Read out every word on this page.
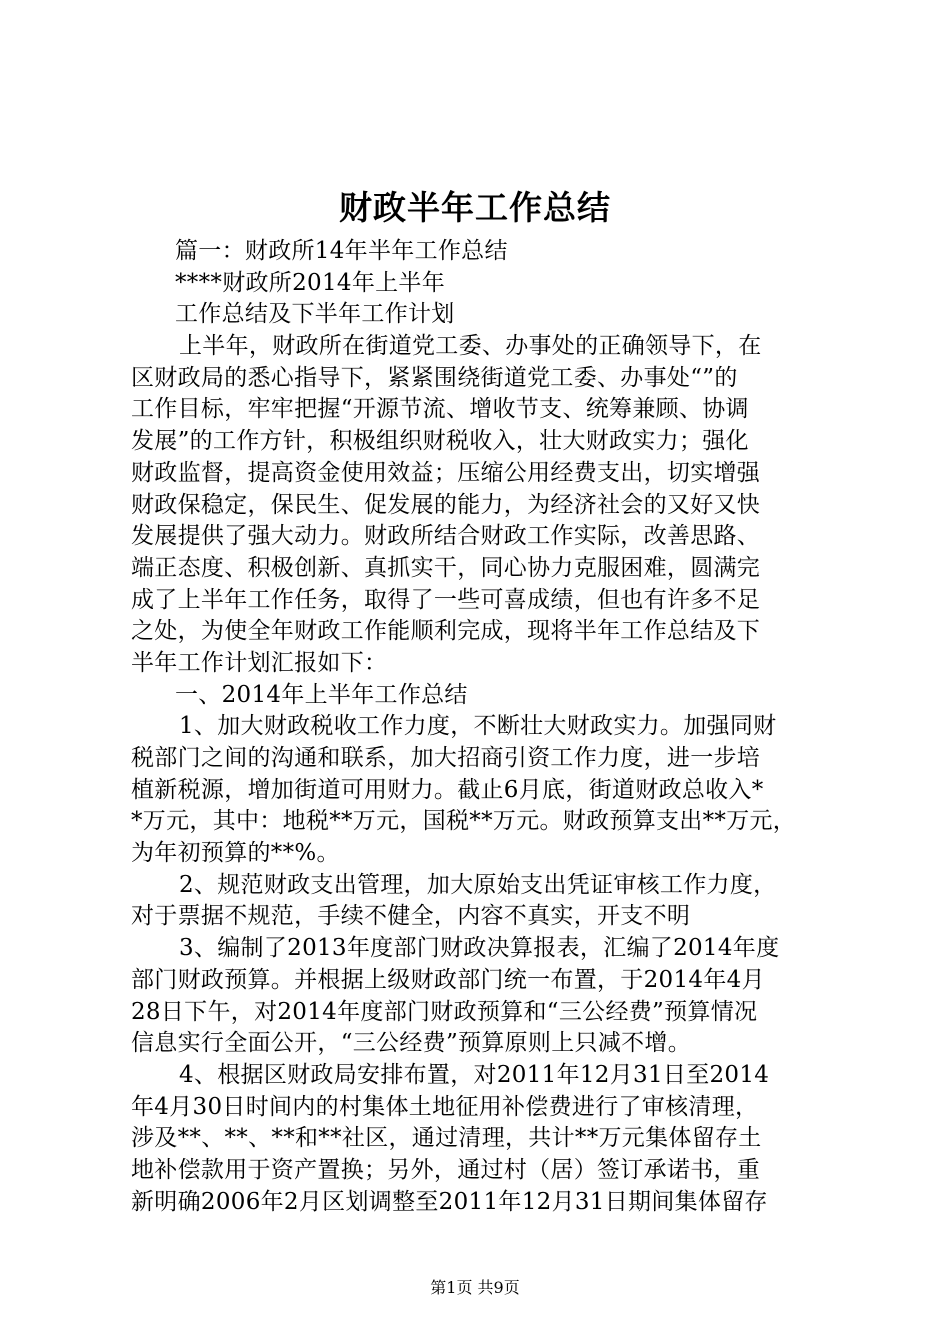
财政半年工作总结
篇一：财政所14年半年工作总结
****财政所2014年上半年
工作总结及下半年工作计划
上半年，财政所在街道党工委、办事处的正确领导下，在
区财政局的悉心指导下，紧紧围绕街道党工委、办事处“”的
工作目标，牢牢把握“开源节流、增收节支、统筹兼顾、协调
发展”的工作方针，积极组织财税收入，壮大财政实力；强化
财政监督，提高资金使用效益；压缩公用经费支出，切实增强
财政保稳定，保民生、促发展的能力，为经济社会的又好又快
发展提供了强大动力。财政所结合财政工作实际，改善思路、
端正态度、积极创新、真抓实干，同心协力克服困难，圆满完
成了上半年工作任务，取得了一些可喜成绩，但也有许多不足
之处，为使全年财政工作能顺利完成，现将半年工作总结及下
半年工作计划汇报如下：
一、2014年上半年工作总结
1、加大财政税收工作力度，不断壮大财政实力。加强同财
税部门之间的沟通和联系，加大招商引资工作力度，进一步培
植新税源，增加街道可用财力。截止6月底，街道财政总收入*
*万元，其中：地税**万元，国税**万元。财政预算支出**万元，
为年初预算的**%。
2、规范财政支出管理，加大原始支出凭证审核工作力度，
对于票据不规范，手续不健全，内容不真实，开支不明
3、编制了2013年度部门财政决算报表，汇编了2014年度
部门财政预算。并根据上级财政部门统一布置，于2014年4月
28日下午，对2014年度部门财政预算和“三公经费”预算情况
信息实行全面公开，“三公经费”预算原则上只减不增。
4、根据区财政局安排布置，对2011年12月31日至2014
年4月30日时间内的村集体土地征用补偿费进行了审核清理，
涉及**、**、**和**社区，通过清理，共计**万元集体留存土
地补偿款用于资产置换；另外，通过村（居）签订承诺书，重
新明确2006年2月区划调整至2011年12月31日期间集体留存
第1页 共9页
